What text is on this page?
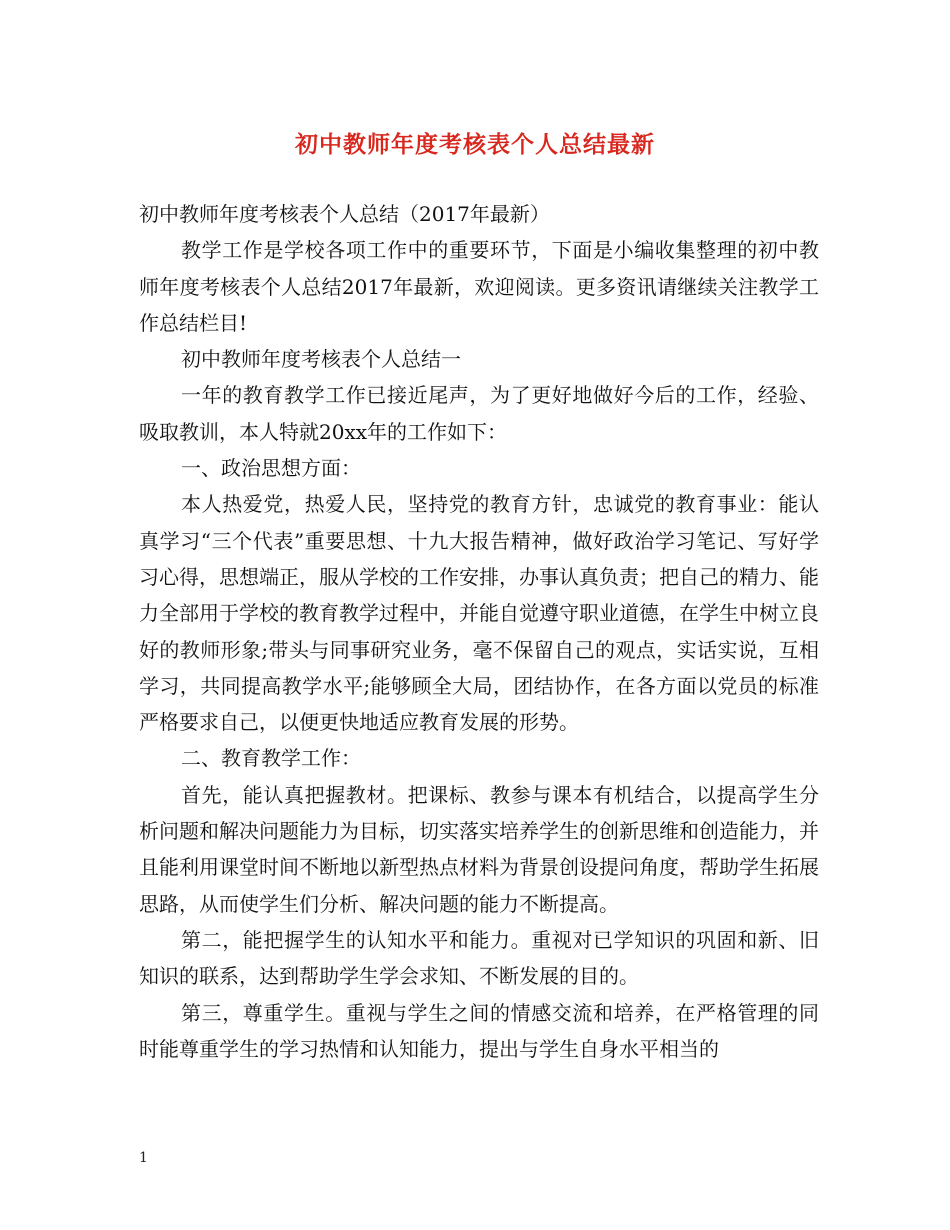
初中教师年度考核表个人总结最新

初中教师年度考核表个人总结（2017年最新）

教学工作是学校各项工作中的重要环节，下面是小编收集整理的初中教师年度考核表个人总结2017年最新，欢迎阅读。更多资讯请继续关注教学工作总结栏目!

初中教师年度考核表个人总结一

一年的教育教学工作已接近尾声，为了更好地做好今后的工作，经验、吸取教训，本人特就20xx年的工作如下：

一、政治思想方面：

本人热爱党，热爱人民，坚持党的教育方针，忠诚党的教育事业：能认真学习“三个代表”重要思想、十九大报告精神，做好政治学习笔记、写好学习心得，思想端正，服从学校的工作安排，办事认真负责；把自己的精力、能力全部用于学校的教育教学过程中，并能自觉遵守职业道德，在学生中树立良好的教师形象;带头与同事研究业务，毫不保留自己的观点，实话实说，互相学习，共同提高教学水平;能够顾全大局，团结协作，在各方面以党员的标准严格要求自己，以便更快地适应教育发展的形势。

二、教育教学工作：

首先，能认真把握教材。把课标、教参与课本有机结合，以提高学生分析问题和解决问题能力为目标，切实落实培养学生的创新思维和创造能力，并且能利用课堂时间不断地以新型热点材料为背景创设提问角度，帮助学生拓展思路，从而使学生们分析、解决问题的能力不断提高。

第二，能把握学生的认知水平和能力。重视对已学知识的巩固和新、旧知识的联系，达到帮助学生学会求知、不断发展的目的。

第三，尊重学生。重视与学生之间的情感交流和培养，在严格管理的同时能尊重学生的学习热情和认知能力，提出与学生自身水平相当的

1
